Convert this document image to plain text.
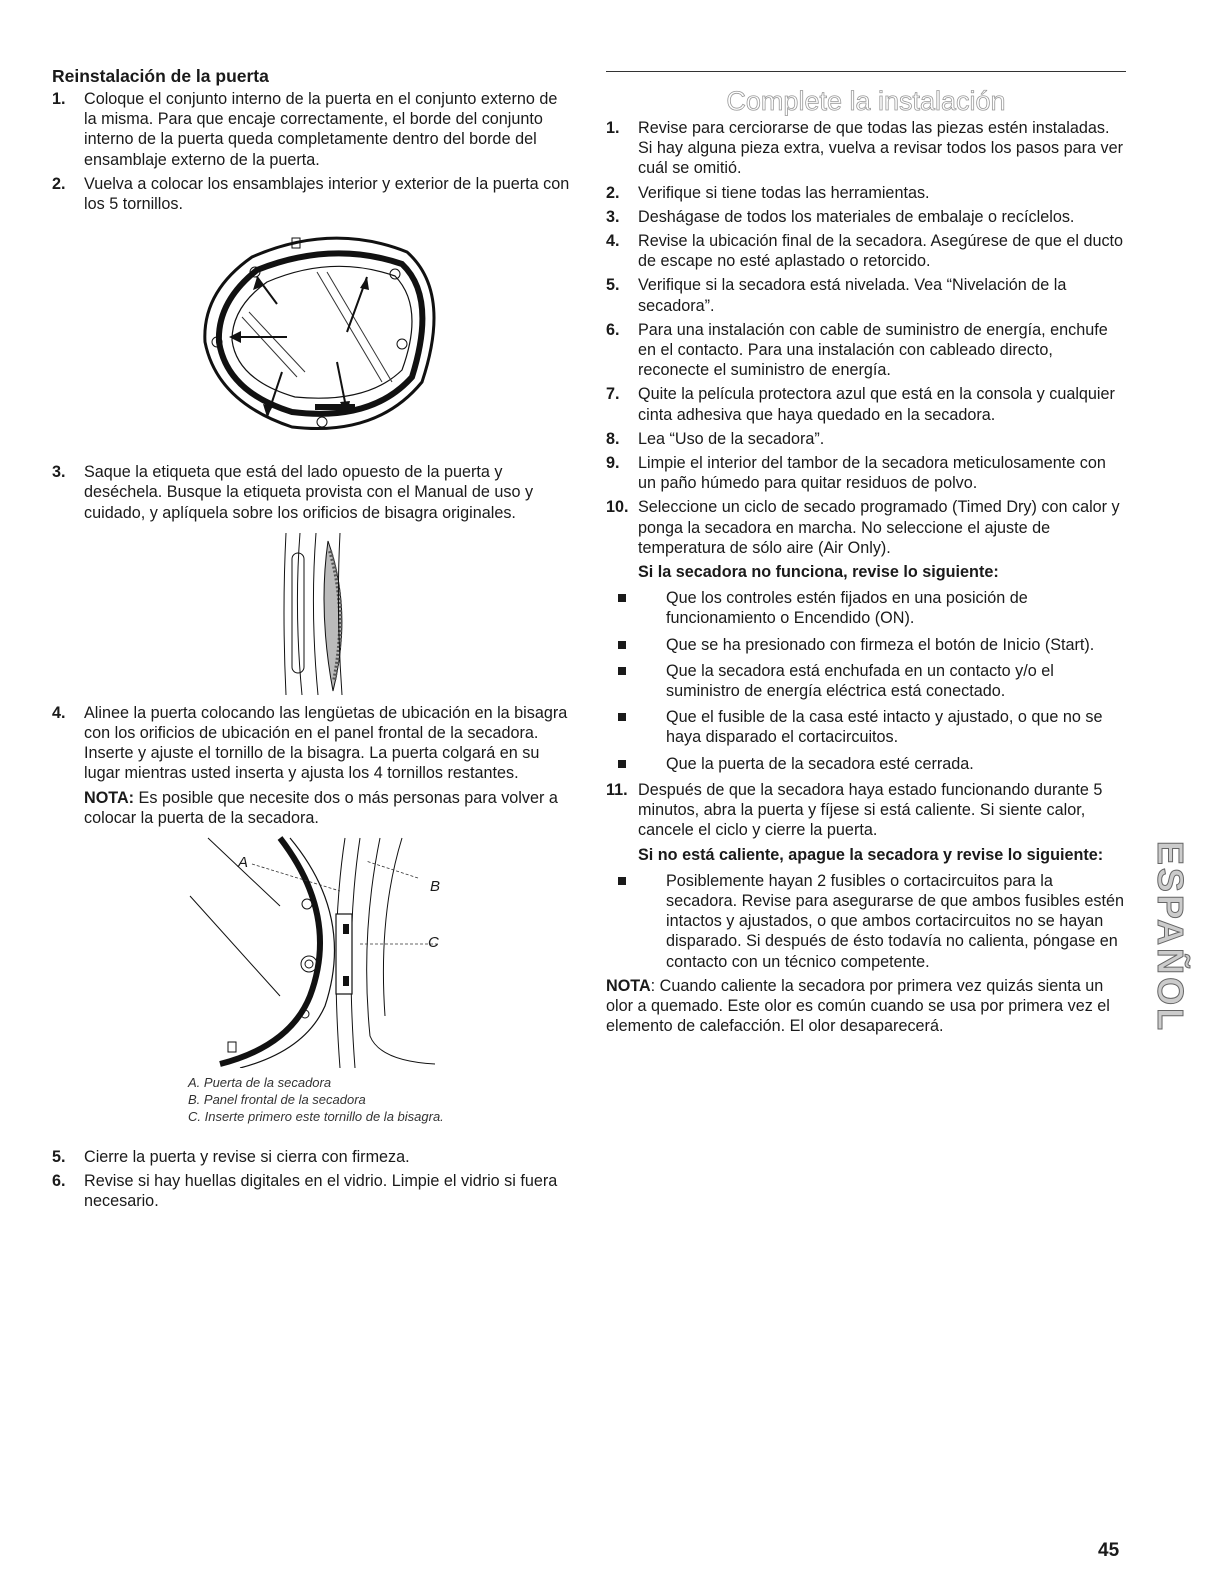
Reinstalación de la puerta
1. Coloque el conjunto interno de la puerta en el conjunto externo de la misma. Para que encaje correctamente, el borde del conjunto interno de la puerta queda completamente dentro del borde del ensamblaje externo de la puerta.
2. Vuelva a colocar los ensamblajes interior y exterior de la puerta con los 5 tornillos.
3. Saque la etiqueta que está del lado opuesto de la puerta y deséchela. Busque la etiqueta provista con el Manual de uso y cuidado, y aplíquela sobre los orificios de bisagra originales.
4. Alinee la puerta colocando las lengüetas de ubicación en la bisagra con los orificios de ubicación en el panel frontal de la secadora. Inserte y ajuste el tornillo de la bisagra. La puerta colgará en su lugar mientras usted inserta y ajusta los 4 tornillos restantes.
NOTA: Es posible que necesite dos o más personas para volver a colocar la puerta de la secadora.
A
B
C
A. Puerta de la secadora
B. Panel frontal de la secadora
C. Inserte primero este tornillo de la bisagra.
5. Cierre la puerta y revise si cierra con firmeza.
6. Revise si hay huellas digitales en el vidrio. Limpie el vidrio si fuera necesario.
Complete la instalación
1. Revise para cerciorarse de que todas las piezas estén instaladas. Si hay alguna pieza extra, vuelva a revisar todos los pasos para ver cuál se omitió.
2. Verifique si tiene todas las herramientas.
3. Deshágase de todos los materiales de embalaje o recíclelos.
4. Revise la ubicación final de la secadora. Asegúrese de que el ducto de escape no esté aplastado o retorcido.
5. Verifique si la secadora está nivelada. Vea “Nivelación de la secadora”.
6. Para una instalación con cable de suministro de energía, enchufe en el contacto. Para una instalación con cableado directo, reconecte el suministro de energía.
7. Quite la película protectora azul que está en la consola y cualquier cinta adhesiva que haya quedado en la secadora.
8. Lea “Uso de la secadora”.
9. Limpie el interior del tambor de la secadora meticulosamente con un paño húmedo para quitar residuos de polvo.
10. Seleccione un ciclo de secado programado (Timed Dry) con calor y ponga la secadora en marcha. No seleccione el ajuste de temperatura de sólo aire (Air Only).
Si la secadora no funciona, revise lo siguiente:
Que los controles estén fijados en una posición de funcionamiento o Encendido (ON).
Que se ha presionado con firmeza el botón de Inicio (Start).
Que la secadora está enchufada en un contacto y/o el suministro de energía eléctrica está conectado.
Que el fusible de la casa esté intacto y ajustado, o que no se haya disparado el cortacircuitos.
Que la puerta de la secadora esté cerrada.
11. Después de que la secadora haya estado funcionando durante 5 minutos, abra la puerta y fíjese si está caliente. Si siente calor, cancele el ciclo y cierre la puerta.
Si no está caliente, apague la secadora y revise lo siguiente:
Posiblemente hayan 2 fusibles o cortacircuitos para la secadora. Revise para asegurarse de que ambos fusibles estén intactos y ajustados, o que ambos cortacircuitos no se hayan disparado. Si después de ésto todavía no calienta, póngase en contacto con un técnico competente.
NOTA: Cuando caliente la secadora por primera vez quizás sienta un olor a quemado. Este olor es común cuando se usa por primera vez el elemento de calefacción. El olor desaparecerá.	ESPAÑOL
45
